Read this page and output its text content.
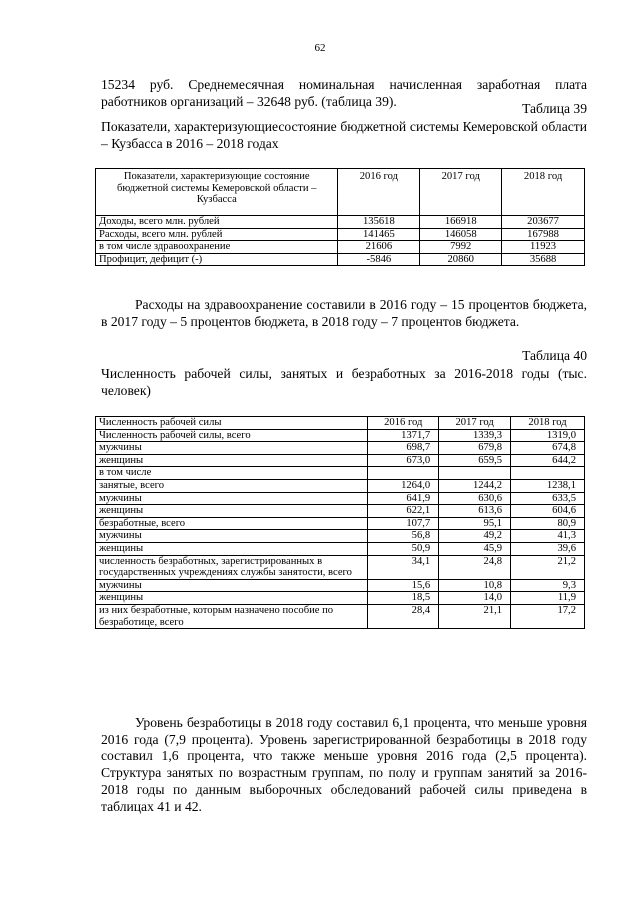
62

15234 руб. Среднемесячная номинальная начисленная заработная плата работников организаций – 32648 руб. (таблица 39).	Таблица 39

Показатели, характеризующиесостояние бюджетной системы Кемеровской области – Кузбасса в 2016 – 2018 годах

Показатели, характеризующие состояние бюджетной системы Кемеровской области – Кузбасса	2016 год	2017 год	2018 год
Доходы, всего млн. рублей	135618	166918	203677
Расходы, всего млн. рублей	141465	146058	167988
в том числе здравоохранение	21606	7992	11923
Профицит, дефицит (-)	-5846	20860	35688

Расходы на здравоохранение составили в 2016 году – 15 процентов бюджета, в 2017 году – 5 процентов бюджета, в 2018 году – 7 процентов бюджета.

Таблица 40

Численность рабочей силы, занятых и безработных за 2016-2018 годы (тыс. человек)

Численность рабочей силы	2016 год	2017 год	2018 год
Численность рабочей силы, всего	1371,7	1339,3	1319,0
мужчины	698,7	679,8	674,8
женщины	673,0	659,5	644,2
в том числе			
занятые, всего	1264,0	1244,2	1238,1
мужчины	641,9	630,6	633,5
женщины	622,1	613,6	604,6
безработные, всего	107,7	95,1	80,9
мужчины	56,8	49,2	41,3
женщины	50,9	45,9	39,6
численность безработных, зарегистрированных в государственных учреждениях службы занятости, всего	34,1	24,8	21,2
мужчины	15,6	10,8	9,3
женщины	18,5	14,0	11,9
из них безработные, которым назначено пособие по безработице, всего	28,4	21,1	17,2

Уровень безработицы в 2018 году составил 6,1 процента, что меньше уровня 2016 года (7,9 процента). Уровень зарегистрированной безработицы в 2018 году составил 1,6 процента, что также меньше уровня 2016 года (2,5 процента). Структура занятых по возрастным группам, по полу и группам занятий за 2016-2018 годы по данным выборочных обследований рабочей силы приведена в таблицах 41 и 42.
